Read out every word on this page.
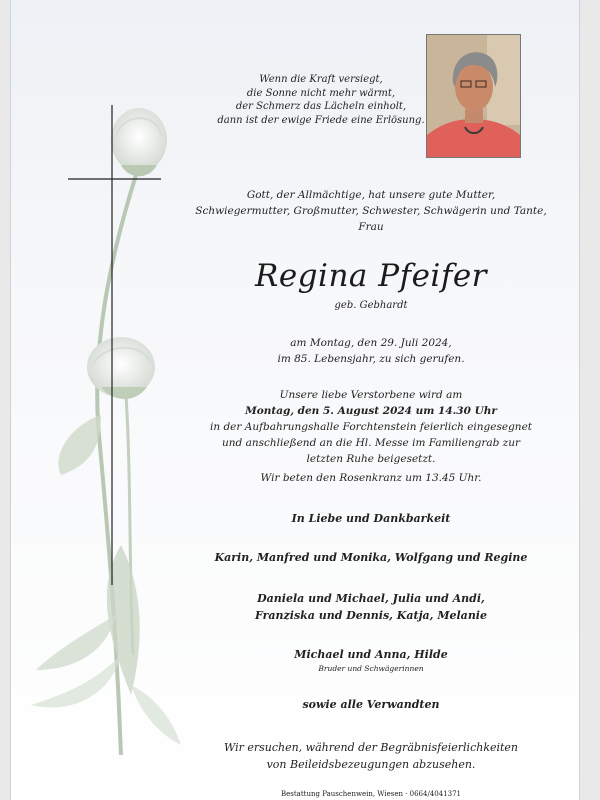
Wenn die Kraft versiegt,
die Sonne nicht mehr wärmt,
der Schmerz das Lächeln einholt,
dann ist der ewige Friede eine Erlösung.
Gott, der Allmächtige, hat unsere gute Mutter,
Schwiegermutter, Großmutter, Schwester, Schwägerin und Tante,
Frau
Regina Pfeifer
geb. Gebhardt
am Montag, den 29. Juli 2024,
im 85. Lebensjahr, zu sich gerufen.
Unsere liebe Verstorbene wird am
Montag, den 5. August 2024 um 14.30 Uhr
in der Aufbahrungshalle Forchtenstein feierlich eingesegnet
und anschließend an die Hl. Messe im Familiengrab zur
letzten Ruhe beigesetzt.
Wir beten den Rosenkranz um 13.45 Uhr.
In Liebe und Dankbarkeit
Karin, Manfred und Monika, Wolfgang und Regine
Daniela und Michael, Julia und Andi,
Franziska und Dennis, Katja, Melanie
Michael und Anna, Hilde
Bruder und Schwägerinnen
sowie alle Verwandten
Wir ersuchen, während der Begräbnisfeierlichkeiten
von Beileidsbezeugungen abzusehen.
Bestattung Pauschenwein, Wiesen · 0664/4041371
